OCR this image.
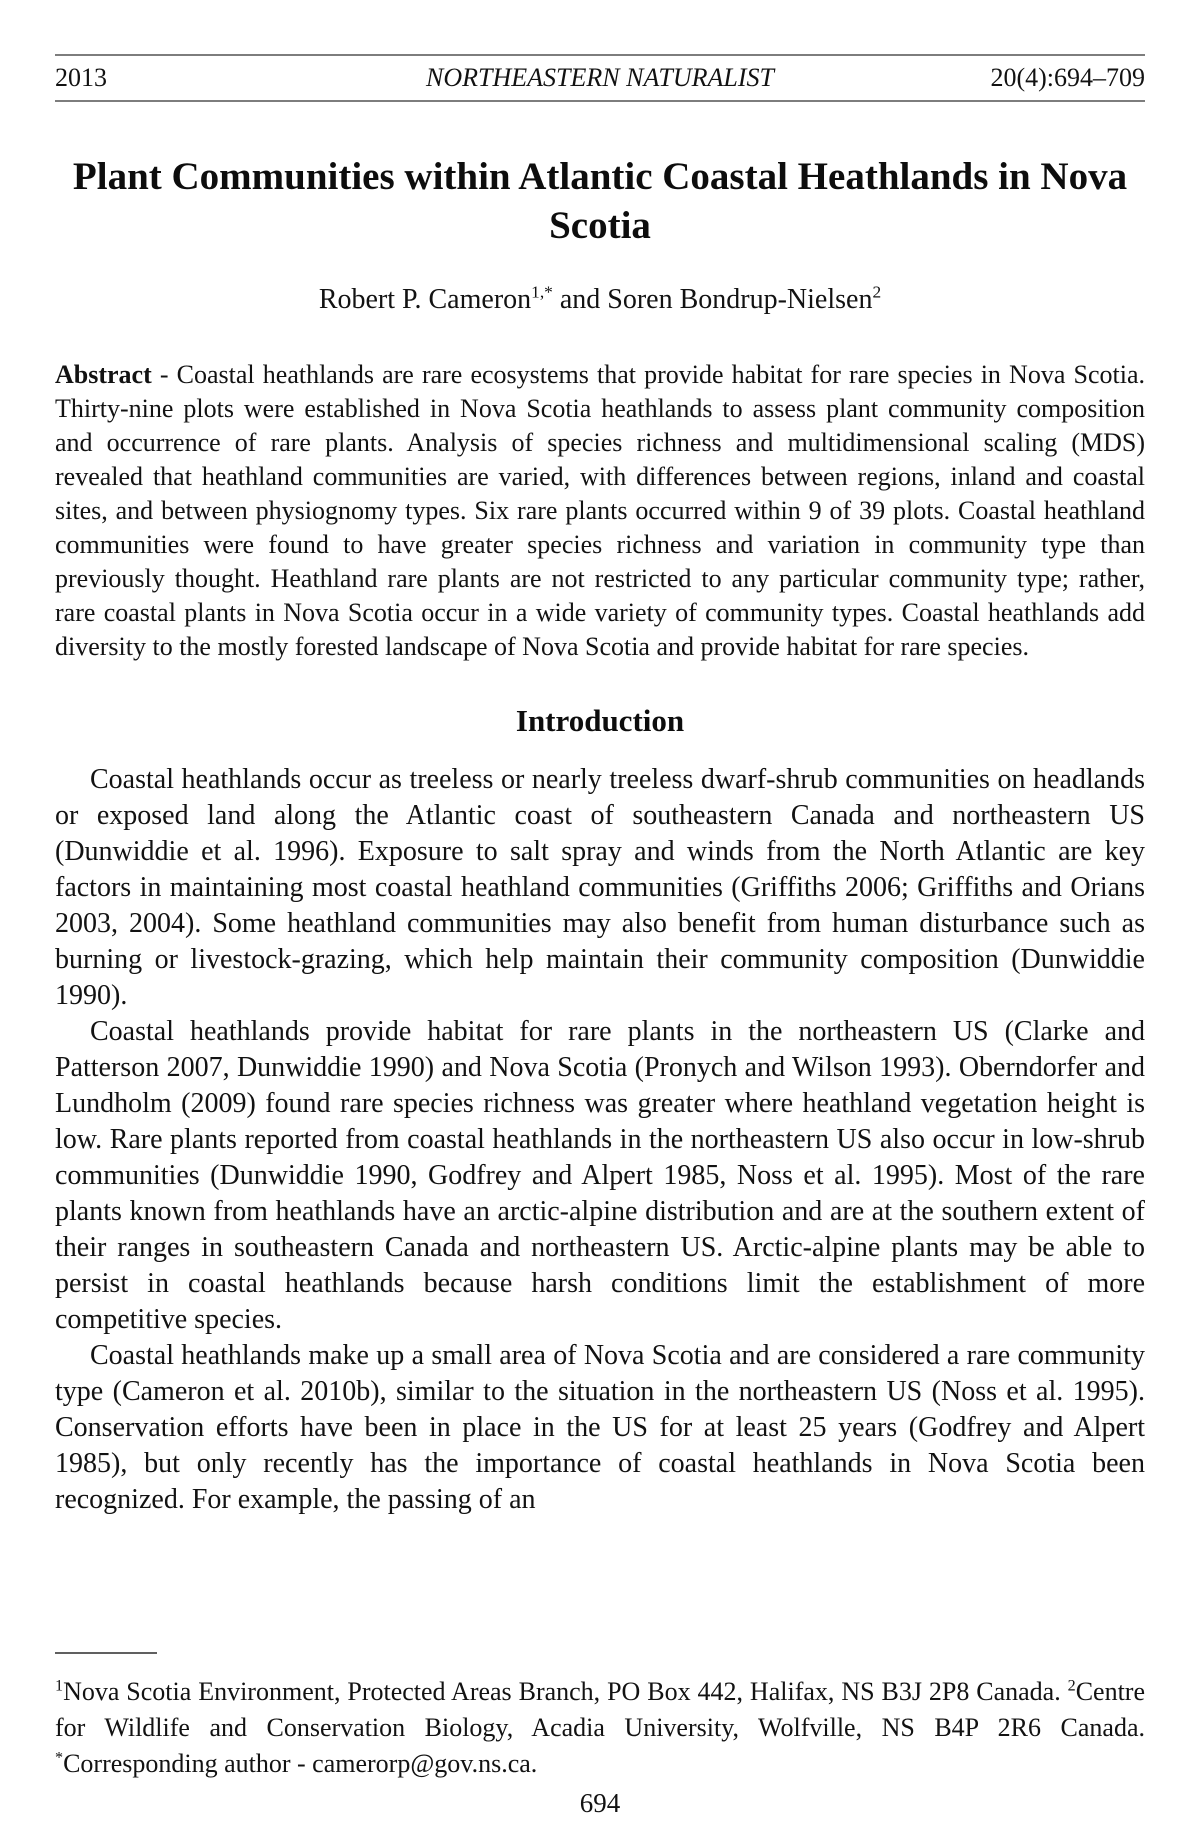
2013	NORTHEASTERN NATURALIST	20(4):694–709
Plant Communities within Atlantic Coastal Heathlands in Nova Scotia
Robert P. Cameron$^{1,*}$ and Soren Bondrup-Nielsen$^2$
Abstract - Coastal heathlands are rare ecosystems that provide habitat for rare species in Nova Scotia. Thirty-nine plots were established in Nova Scotia heathlands to assess plant community composition and occurrence of rare plants. Analysis of species richness and multidimensional scaling (MDS) revealed that heathland communities are varied, with differences between regions, inland and coastal sites, and between physiognomy types. Six rare plants occurred within 9 of 39 plots. Coastal heathland communities were found to have greater species richness and variation in community type than previously thought. Heathland rare plants are not restricted to any particular community type; rather, rare coastal plants in Nova Scotia occur in a wide variety of community types. Coastal heathlands add diversity to the mostly forested landscape of Nova Scotia and provide habitat for rare species.
Introduction

Coastal heathlands occur as treeless or nearly treeless dwarf-shrub communities on headlands or exposed land along the Atlantic coast of southeastern Canada and northeastern US (Dunwiddie et al. 1996). Exposure to salt spray and winds from the North Atlantic are key factors in maintaining most coastal heathland communities (Griffiths 2006; Griffiths and Orians 2003, 2004). Some heathland communities may also benefit from human disturbance such as burning or livestock-grazing, which help maintain their community composition (Dunwiddie 1990).

Coastal heathlands provide habitat for rare plants in the northeastern US (Clarke and Patterson 2007, Dunwiddie 1990) and Nova Scotia (Pronych and Wilson 1993). Oberndorfer and Lundholm (2009) found rare species richness was greater where heathland vegetation height is low. Rare plants reported from coastal heathlands in the northeastern US also occur in low-shrub communities (Dunwiddie 1990, Godfrey and Alpert 1985, Noss et al. 1995). Most of the rare plants known from heathlands have an arctic-alpine distribution and are at the southern extent of their ranges in southeastern Canada and northeastern US. Arctic-alpine plants may be able to persist in coastal heathlands because harsh conditions limit the establishment of more competitive species.

Coastal heathlands make up a small area of Nova Scotia and are considered a rare community type (Cameron et al. 2010b), similar to the situation in the northeastern US (Noss et al. 1995). Conservation efforts have been in place in the US for at least 25 years (Godfrey and Alpert 1985), but only recently has the importance of coastal heathlands in Nova Scotia been recognized. For example, the passing of an

$^1$Nova Scotia Environment, Protected Areas Branch, PO Box 442, Halifax, NS B3J 2P8 Canada. $^2$Centre for Wildlife and Conservation Biology, Acadia University, Wolfville, NS B4P 2R6 Canada. *Corresponding author - camerorp@gov.ns.ca.
694
